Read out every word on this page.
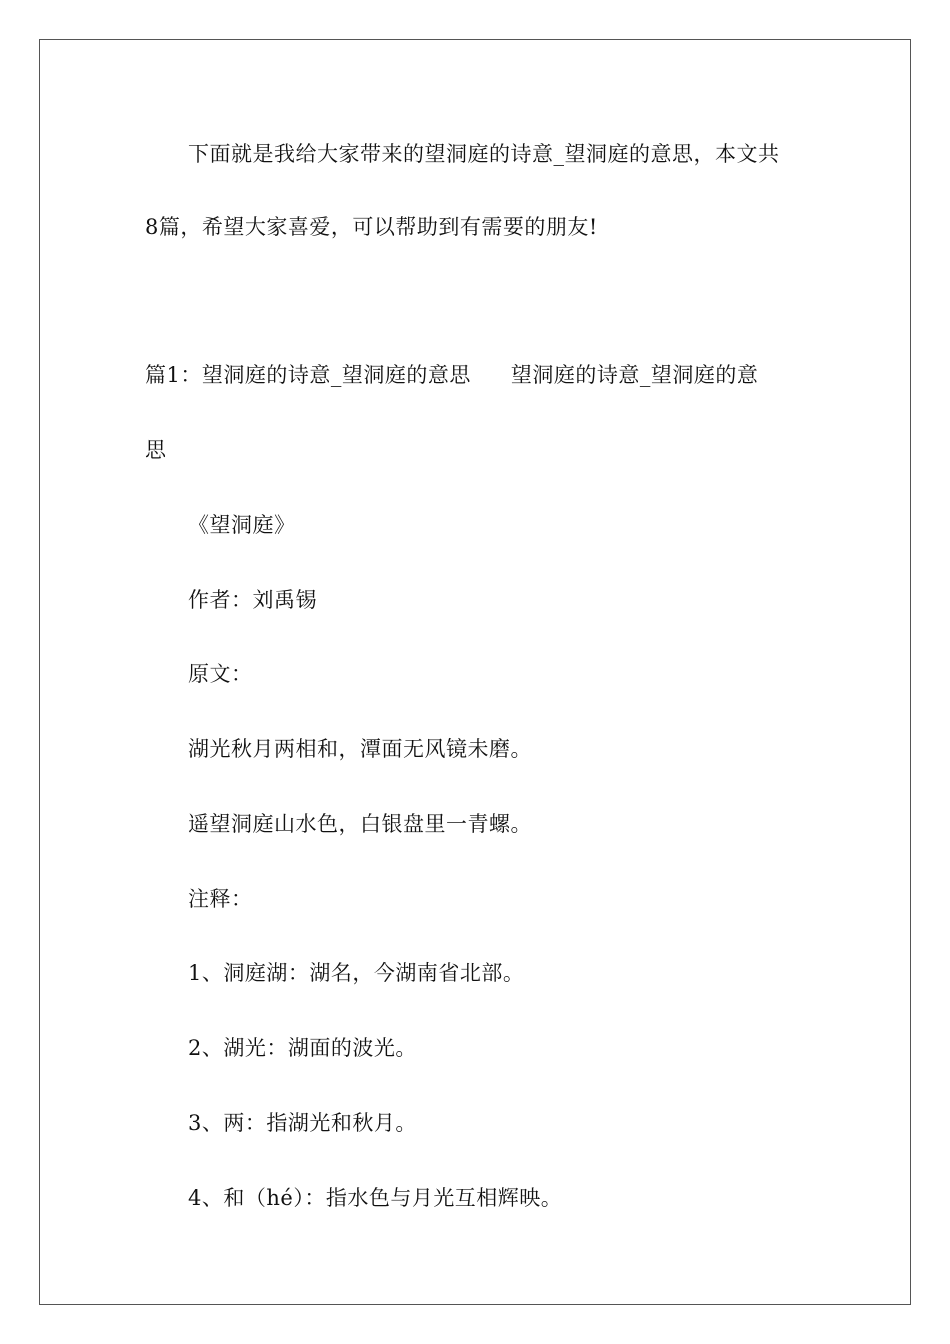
下面就是我给大家带来的望洞庭的诗意_望洞庭的意思，本文共
8篇，希望大家喜爱，可以帮助到有需要的朋友!
篇1：望洞庭的诗意_望洞庭的意思 望洞庭的诗意_望洞庭的意
思
《望洞庭》
作者：刘禹锡
原文：
湖光秋月两相和，潭面无风镜未磨。
遥望洞庭山水色，白银盘里一青螺。
注释：
1、洞庭湖：湖名，今湖南省北部。
2、湖光：湖面的波光。
3、两：指湖光和秋月。
4、和（hé）：指水色与月光互相辉映。
